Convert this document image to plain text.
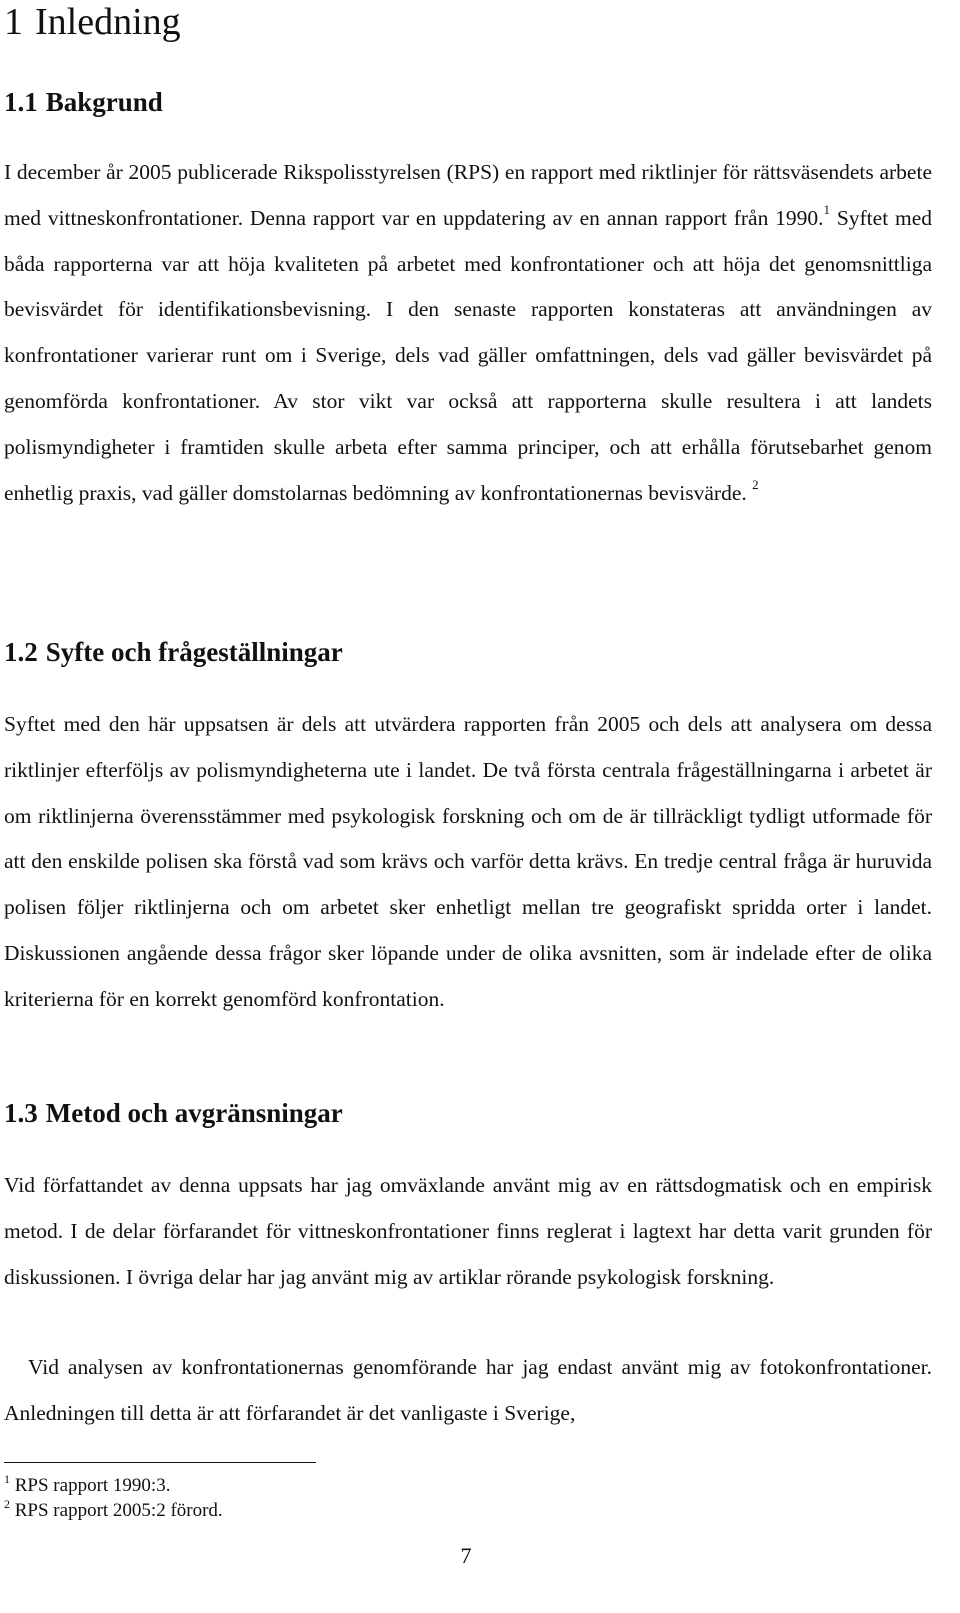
1 Inledning
1.1 Bakgrund

I december år 2005 publicerade Rikspolisstyrelsen (RPS) en rapport med riktlinjer för rättsväsendets arbete med vittneskonfrontationer. Denna rapport var en uppdatering av en annan rapport från 1990.$^1$ Syftet med båda rapporterna var att höja kvaliteten på arbetet med konfrontationer och att höja det genomsnittliga bevisvärdet för identifikationsbevisning. I den senaste rapporten konstateras att användningen av konfrontationer varierar runt om i Sverige, dels vad gäller omfattningen, dels vad gäller bevisvärdet på genomförda konfrontationer. Av stor vikt var också att rapporterna skulle resultera i att landets polismyndigheter i framtiden skulle arbeta efter samma principer, och att erhålla förutsebarhet genom enhetlig praxis, vad gäller domstolarnas bedömning av konfrontationernas bevisvärde. $^2$

1.2 Syfte och frågeställningar

Syftet med den här uppsatsen är dels att utvärdera rapporten från 2005 och dels att analysera om dessa riktlinjer efterföljs av polismyndigheterna ute i landet. De två första centrala frågeställningarna i arbetet är om riktlinjerna överensstämmer med psykologisk forskning och om de är tillräckligt tydligt utformade för att den enskilde polisen ska förstå vad som krävs och varför detta krävs. En tredje central fråga är huruvida polisen följer riktlinjerna och om arbetet sker enhetligt mellan tre geografiskt spridda orter i landet. Diskussionen angående dessa frågor sker löpande under de olika avsnitten, som är indelade efter de olika kriterierna för en korrekt genomförd konfrontation.

1.3 Metod och avgränsningar

Vid författandet av denna uppsats har jag omväxlande använt mig av en rättsdogmatisk och en empirisk metod. I de delar förfarandet för vittneskonfrontationer finns reglerat i lagtext har detta varit grunden för diskussionen. I övriga delar har jag använt mig av artiklar rörande psykologisk forskning.

Vid analysen av konfrontationernas genomförande har jag endast använt mig av fotokonfrontationer. Anledningen till detta är att förfarandet är det vanligaste i Sverige,

$^1$ RPS rapport 1990:3.

$^2$ RPS rapport 2005:2 förord.

7
